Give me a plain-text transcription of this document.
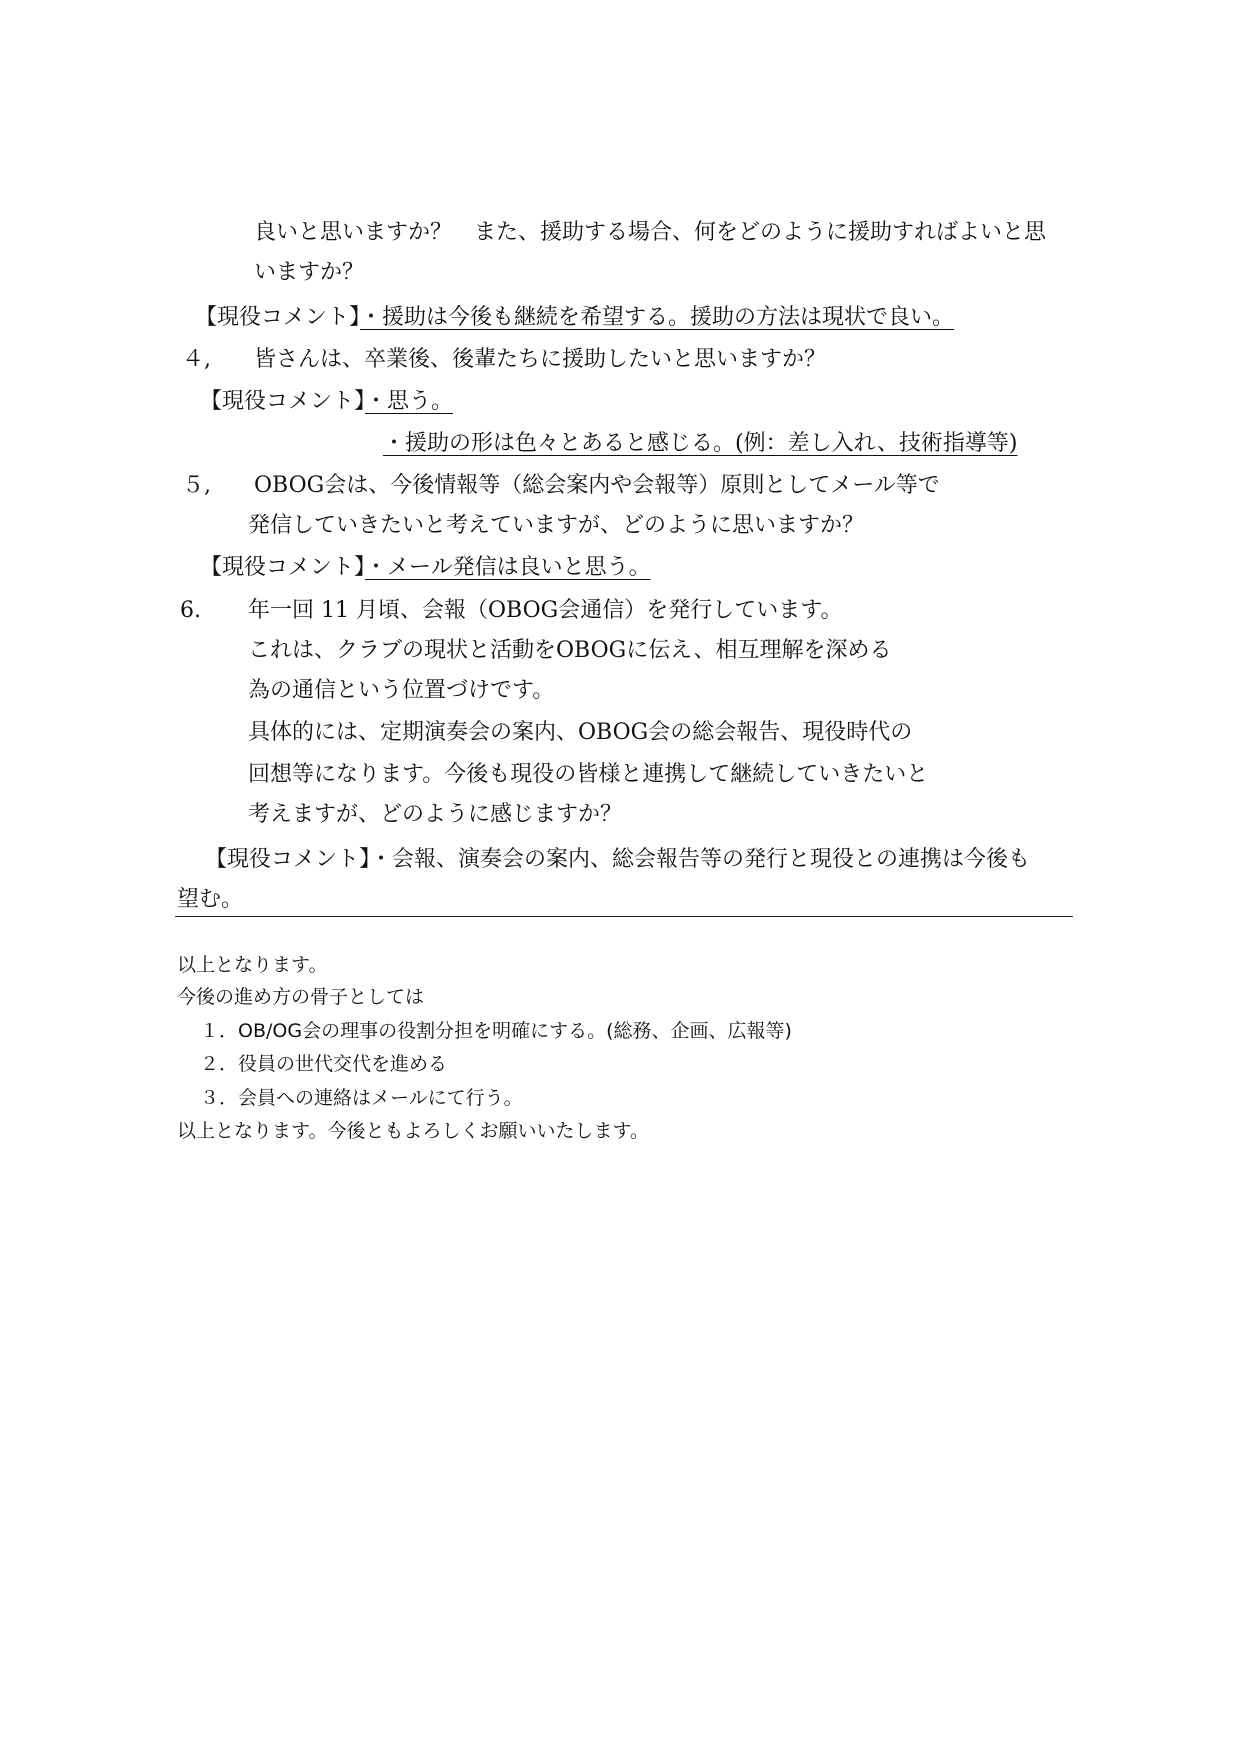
良いと思いますか？　また、援助する場合、何をどのように援助すればよいと思
いますか？
【現役コメント】・援助は今後も継続を希望する。援助の方法は現状で良い。
４, 皆さんは、卒業後、後輩たちに援助したいと思いますか？
【現役コメント】・思う。
・援助の形は色々とあると感じる。(例：差し入れ、技術指導等)
５, OBOG会は、今後情報等（総会案内や会報等）原則としてメール等で
発信していきたいと考えていますが、どのように思いますか？
【現役コメント】・メール発信は良いと思う。
6. 年一回 11 月頃、会報（OBOG会通信）を発行しています。
これは、クラブの現状と活動をOBOGに伝え、相互理解を深める
為の通信という位置づけです。
具体的には、定期演奏会の案内、OBOG会の総会報告、現役時代の
回想等になります。今後も現役の皆様と連携して継続していきたいと
考えますが、どのように感じますか？
【現役コメント】・会報、演奏会の案内、総会報告等の発行と現役との連携は今後も
望む。
以上となります。
今後の進め方の骨子としては
１．OB/OG会の理事の役割分担を明確にする。(総務、企画、広報等)
２．役員の世代交代を進める
３．会員への連絡はメールにて行う。
以上となります。今後ともよろしくお願いいたします。
